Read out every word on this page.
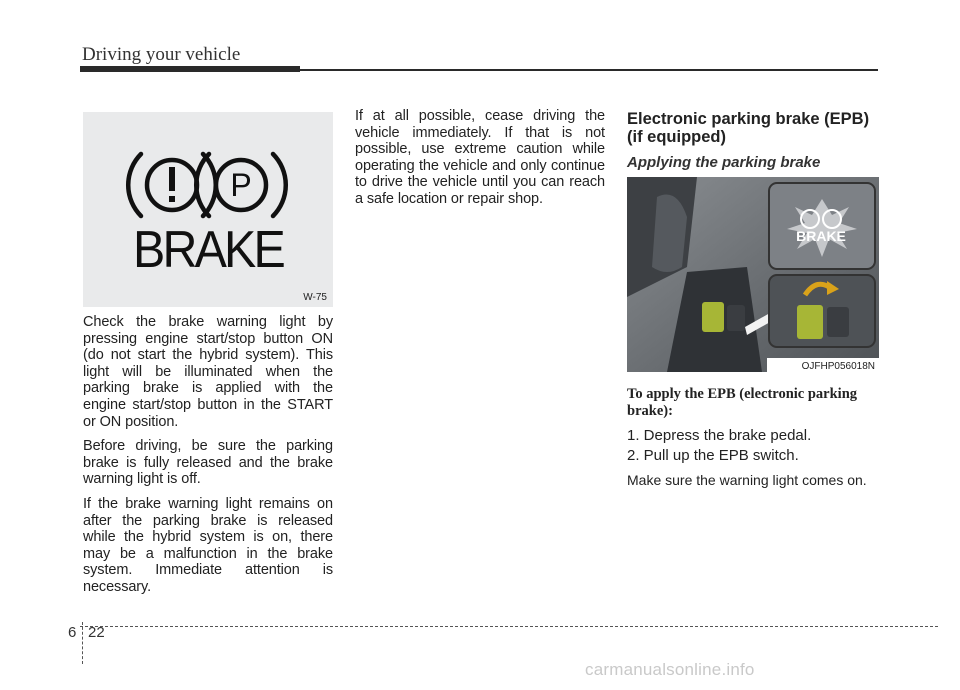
Driving your vehicle
P
BRAKE
W-75

Check the brake warning light by pressing engine start/stop button ON (do not start the hybrid system). This light will be illuminated when the parking brake is applied with the engine start/stop button in the START or ON position.

Before driving, be sure the parking brake is fully released and the brake warning light is off.

If the brake warning light remains on after the parking brake is released while the hybrid system is on, there may be a malfunction in the brake system. Immediate attention is necessary.

If at all possible, cease driving the vehicle immediately. If that is not possible, use extreme caution while operating the vehicle and only continue to drive the vehicle until you can reach a safe location or repair shop.

Electronic parking brake (EPB) (if equipped)
Applying the parking brake
BRAKE
OJFHP056018N

To apply the EPB (electronic parking brake):

1. Depress the brake pedal.

2. Pull up the EPB switch.

Make sure the warning light comes on.

6 22
carmanualsonline.info
